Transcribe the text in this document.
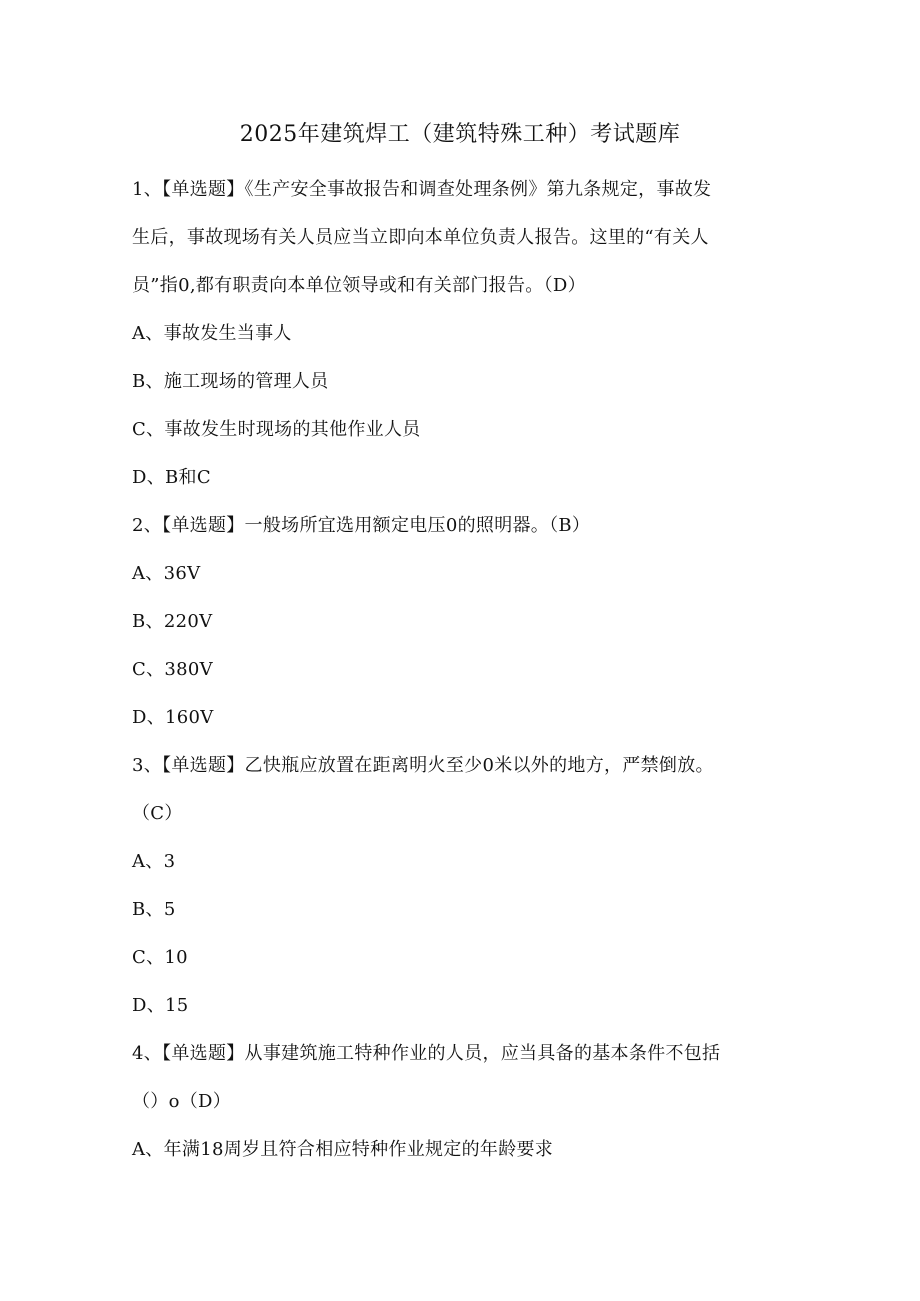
2025年建筑焊工（建筑特殊工种）考试题库

1、【单选题】《生产安全事故报告和调查处理条例》第九条规定，事故发

生后，事故现场有关人员应当立即向本单位负责人报告。这里的“有关人

员”指0,都有职责向本单位领导或和有关部门报告。（D）

A、事故发生当事人

B、施工现场的管理人员

C、事故发生时现场的其他作业人员

D、B和C

2、【单选题】一般场所宜选用额定电压0的照明器。（B）

A、36V

B、220V

C、380V

D、160V

3、【单选题】乙快瓶应放置在距离明火至少0米以外的地方，严禁倒放。

（C）

A、3

B、5

C、10

D、15

4、【单选题】从事建筑施工特种作业的人员，应当具备的基本条件不包括

（）o（D）

A、年满18周岁且符合相应特种作业规定的年龄要求
